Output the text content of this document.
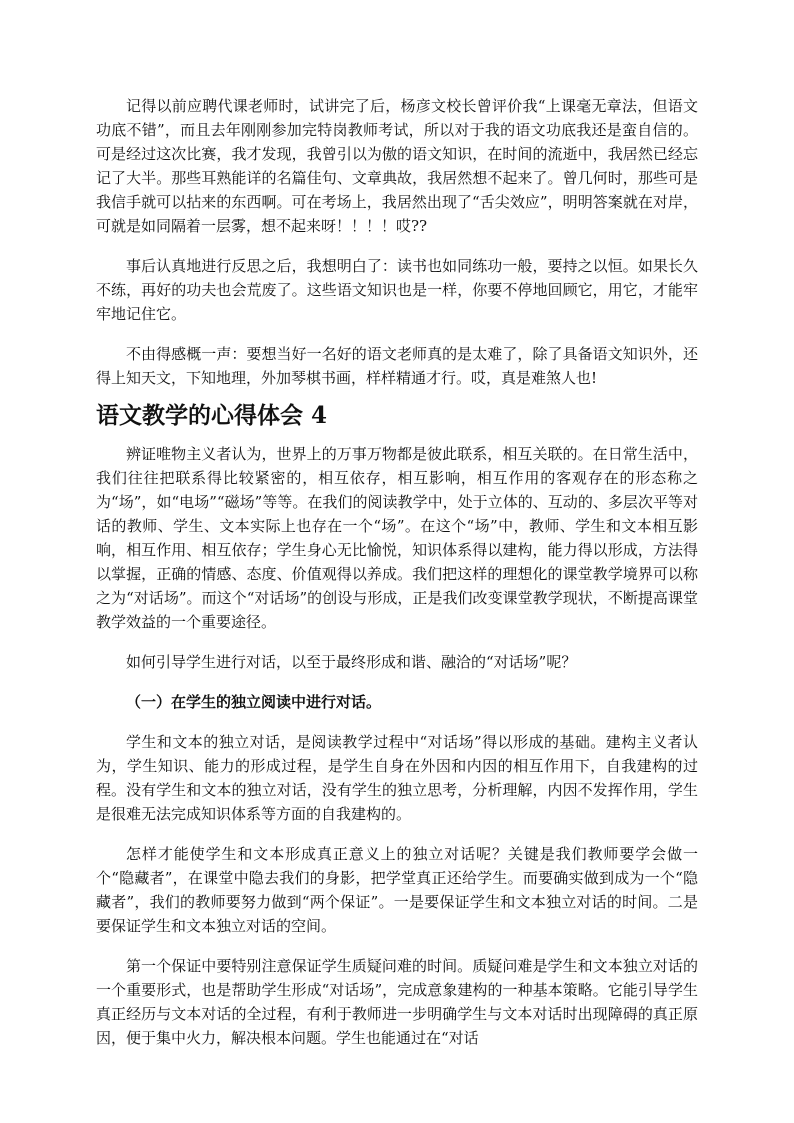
记得以前应聘代课老师时，试讲完了后，杨彦文校长曾评价我“上课毫无章法，但语文功底不错”，而且去年刚刚参加完特岗教师考试，所以对于我的语文功底我还是蛮自信的。可是经过这次比赛，我才发现，我曾引以为傲的语文知识，在时间的流逝中，我居然已经忘记了大半。那些耳熟能详的名篇佳句、文章典故，我居然想不起来了。曾几何时，那些可是我信手就可以拈来的东西啊。可在考场上，我居然出现了“舌尖效应”，明明答案就在对岸，可就是如同隔着一层雾，想不起来呀！！！！哎??

事后认真地进行反思之后，我想明白了：读书也如同练功一般，要持之以恒。如果长久不练，再好的功夫也会荒废了。这些语文知识也是一样，你要不停地回顾它，用它，才能牢牢地记住它。

不由得感概一声：要想当好一名好的语文老师真的是太难了，除了具备语文知识外，还得上知天文，下知地理，外加琴棋书画，样样精通才行。哎，真是难煞人也!

语文教学的心得体会 4

辨证唯物主义者认为，世界上的万事万物都是彼此联系，相互关联的。在日常生活中，我们往往把联系得比较紧密的，相互依存，相互影响，相互作用的客观存在的形态称之为“场”，如“电场”“磁场”等等。在我们的阅读教学中，处于立体的、互动的、多层次平等对话的教师、学生、文本实际上也存在一个“场”。在这个“场”中，教师、学生和文本相互影响，相互作用、相互依存；学生身心无比愉悦，知识体系得以建构，能力得以形成，方法得以掌握，正确的情感、态度、价值观得以养成。我们把这样的理想化的课堂教学境界可以称之为“对话场”。而这个“对话场”的创设与形成，正是我们改变课堂教学现状，不断提高课堂教学效益的一个重要途径。

如何引导学生进行对话，以至于最终形成和谐、融洽的“对话场”呢？

（一）在学生的独立阅读中进行对话。

学生和文本的独立对话，是阅读教学过程中“对话场”得以形成的基础。建构主义者认为，学生知识、能力的形成过程，是学生自身在外因和内因的相互作用下，自我建构的过程。没有学生和文本的独立对话，没有学生的独立思考，分析理解，内因不发挥作用，学生是很难无法完成知识体系等方面的自我建构的。

怎样才能使学生和文本形成真正意义上的独立对话呢？关键是我们教师要学会做一个“隐藏者”，在课堂中隐去我们的身影，把学堂真正还给学生。而要确实做到成为一个“隐藏者”，我们的教师要努力做到“两个保证”。一是要保证学生和文本独立对话的时间。二是要保证学生和文本独立对话的空间。

第一个保证中要特别注意保证学生质疑问难的时间。质疑问难是学生和文本独立对话的一个重要形式，也是帮助学生形成“对话场”，完成意象建构的一种基本策略。它能引导学生真正经历与文本对话的全过程，有利于教师进一步明确学生与文本对话时出现障碍的真正原因，便于集中火力，解决根本问题。学生也能通过在“对话
